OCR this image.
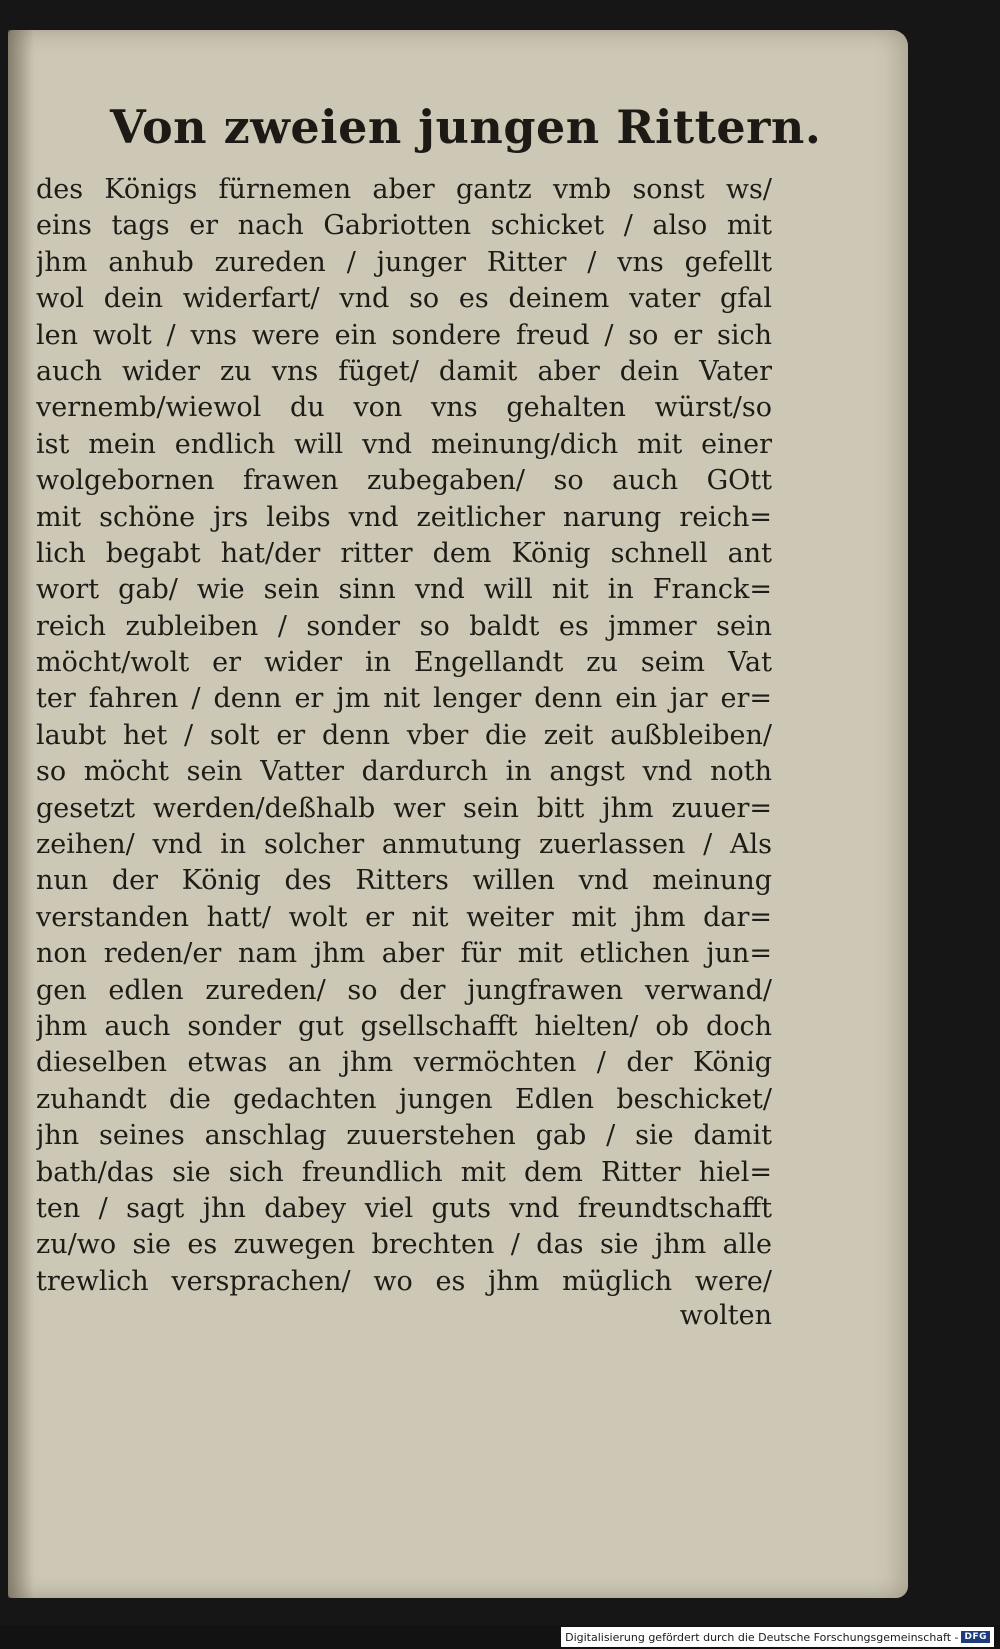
Von zweien jungen Rittern.
des Königs fürnemen aber gantz vmb sonst ws/
eins tags er nach Gabriotten schicket / also mit
jhm anhub zureden / junger Ritter / vns gefellt
wol dein widerfart/ vnd so es deinem vater gfal
len wolt / vns were ein sondere freud / so er sich
auch wider zu vns füget/ damit aber dein Vater
vernemb/wiewol du von vns gehalten würst/so
ist mein endlich will vnd meinung/dich mit einer
wolgebornen frawen zubegaben/ so auch GOtt
mit schöne jrs leibs vnd zeitlicher narung reich=
lich begabt hat/der ritter dem König schnell ant
wort gab/ wie sein sinn vnd will nit in Franck=
reich zubleiben / sonder so baldt es jmmer sein
möcht/wolt er wider in Engellandt zu seim Vat
ter fahren / denn er jm nit lenger denn ein jar er=
laubt het / solt er denn vber die zeit außbleiben/
so möcht sein Vatter dardurch in angst vnd noth
gesetzt werden/deßhalb wer sein bitt jhm zuuer=
zeihen/ vnd in solcher anmutung zuerlassen / Als
nun der König des Ritters willen vnd meinung
verstanden hatt/ wolt er nit weiter mit jhm dar=
non reden/er nam jhm aber für mit etlichen jun=
gen edlen zureden/ so der jungfrawen verwand/
jhm auch sonder gut gsellschafft hielten/ ob doch
dieselben etwas an jhm vermöchten / der König
zuhandt die gedachten jungen Edlen beschicket/
jhn seines anschlag zuuerstehen gab / sie damit
bath/das sie sich freundlich mit dem Ritter hiel=
ten / sagt jhn dabey viel guts vnd freundtschafft
zu/wo sie es zuwegen brechten / das sie jhm alle
trewlich versprachen/ wo es jhm müglich were/
wolten
Digitalisierung gefördert durch die Deutsche Forschungsgemeinschaft - DFG
